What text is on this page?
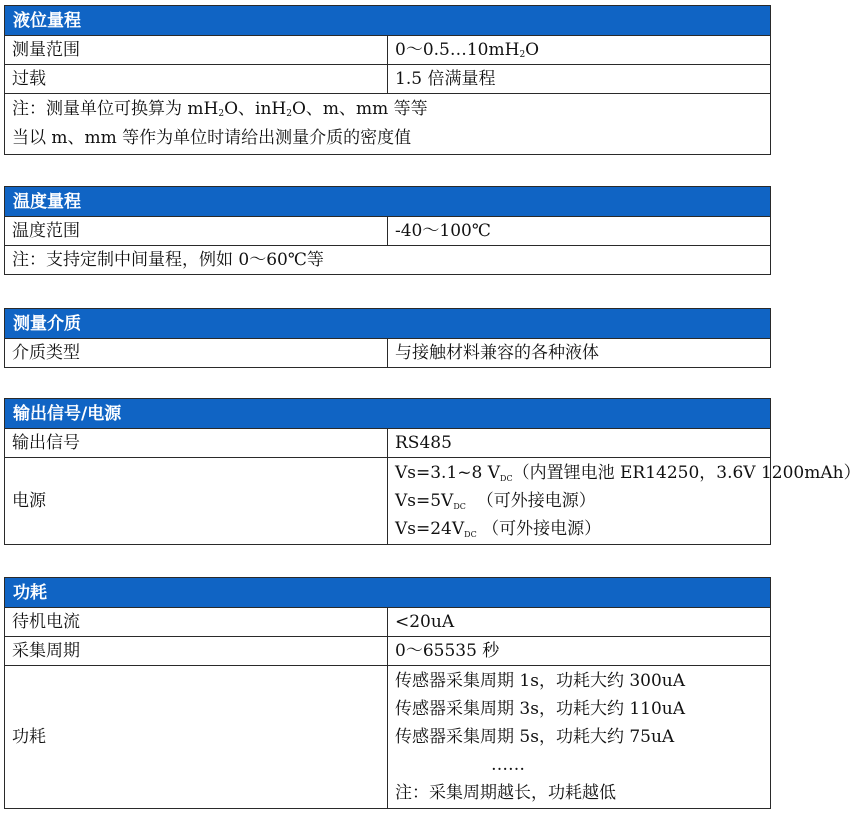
液位量程	
测量范围	$0\sim 0.5\dots 10mH_2O$
过载	1.5 倍满量程

注：测量单位可换算为 $mH_2O$、inH$_2$O、m、mm 等等
当以 m、mm 等作为单位时请给出测量介质的密度值	
温度量程
温度范围	-40～100℃
注：支持定制中间量程，例如 0～60℃等
测量介质
介质类型	与接触材料兼容的各种液体
输出信号/电源	
输出信号	RS485
电源	Vs=3.1~8 $V_{DC}$（内置锂电池 ER14250，3.6V 1200mAh）
$Vs=5V_{DC}$  （可外接电源）
$Vs=24V_{DC}$ （可外接电源）
功耗	
待机电流	<20uA
采集周期	0～65535 秒
功耗	传感器采集周期 1s，功耗大约 300uA
传感器采集周期 3s，功耗大约 110uA
传感器采集周期 5s，功耗大约 75uA
……
注：采集周期越长，功耗越低
